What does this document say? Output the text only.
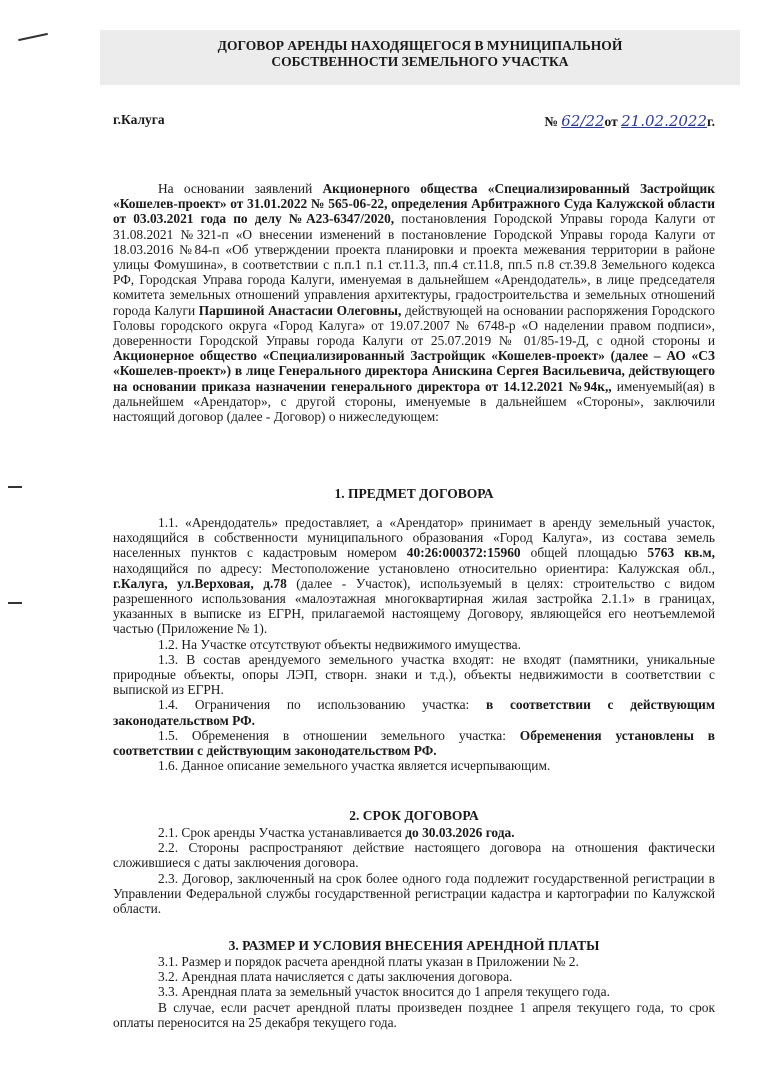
ДОГОВОР АРЕНДЫ НАХОДЯЩЕГОСЯ В МУНИЦИПАЛЬНОЙ
СОБСТВЕННОСТИ ЗЕМЕЛЬНОГО УЧАСТКА
г.Калуга	№ 62/22от 21.02.2022г.

На основании заявлений Акционерного общества «Специализированный Застройщик «Кошелев-проект» от 31.01.2022 № 565-06-22, определения Арбитражного Суда Калужской области от 03.03.2021 года по делу №А23-6347/2020, постановления Городской Управы города Калуги от 31.08.2021 №321-п «О внесении изменений в постановление Городской Управы города Калуги от 18.03.2016 №84-п «Об утверждении проекта планировки и проекта межевания территории в районе улицы Фомушина», в соответствии с п.п.1 п.1 ст.11.3, пп.4 ст.11.8, пп.5 п.8 ст.39.8 Земельного кодекса РФ, Городская Управа города Калуги, именуемая в дальнейшем «Арендодатель», в лице председателя комитета земельных отношений управления архитектуры, градостроительства и земельных отношений города Калуги Паршиной Анастасии Олеговны, действующей на основании распоряжения Городского Головы городского округа «Город Калуга» от 19.07.2007 № 6748-р «О наделении правом подписи», доверенности Городской Управы города Калуги от 25.07.2019 № 01/85-19-Д, с одной стороны и Акционерное общество «Специализированный Застройщик «Кошелев-проект» (далее – АО «СЗ «Кошелев-проект») в лице Генерального директора Анискина Сергея Васильевича, действующего на основании приказа назначении генерального директора от 14.12.2021 №94к,, именуемый(ая) в дальнейшем «Арендатор», с другой стороны, именуемые в дальнейшем «Стороны», заключили настоящий договор (далее - Договор) о нижеследующем:

1. ПРЕДМЕТ ДОГОВОРА

1.1. «Арендодатель» предоставляет, а «Арендатор» принимает в аренду земельный участок, находящийся в собственности муниципального образования «Город Калуга», из состава земель населенных пунктов с кадастровым номером 40:26:000372:15960 общей площадью 5763 кв.м, находящийся по адресу: Местоположение установлено относительно ориентира: Калужская обл., г.Калуга, ул.Верховая, д.78 (далее - Участок), используемый в целях: строительство с видом разрешенного использования «малоэтажная многоквартирная жилая застройка 2.1.1» в границах, указанных в выписке из ЕГРН, прилагаемой настоящему Договору, являющейся его неотъемлемой частью (Приложение № 1).

1.2. На Участке отсутствуют объекты недвижимого имущества.

1.3. В состав арендуемого земельного участка входят: не входят (памятники, уникальные природные объекты, опоры ЛЭП, створн. знаки и т.д.), объекты недвижимости в соответствии с выпиской из ЕГРН.

1.4. Ограничения по использованию участка: в соответствии с действующим законодательством РФ.

1.5. Обременения в отношении земельного участка: Обременения установлены в соответствии с действующим законодательством РФ.

1.6. Данное описание земельного участка является исчерпывающим.

2. СРОК ДОГОВОРА

2.1. Срок аренды Участка устанавливается до 30.03.2026 года.

2.2. Стороны распространяют действие настоящего договора на отношения фактически сложившиеся с даты заключения договора.

2.3. Договор, заключенный на срок более одного года подлежит государственной регистрации в Управлении Федеральной службы государственной регистрации кадастра и картографии по Калужской области.

3. РАЗМЕР И УСЛОВИЯ ВНЕСЕНИЯ АРЕНДНОЙ ПЛАТЫ

3.1. Размер и порядок расчета арендной платы указан в Приложении № 2.

3.2. Арендная плата начисляется с даты заключения договора.

3.3. Арендная плата за земельный участок вносится до 1 апреля текущего года.

В случае, если расчет арендной платы произведен позднее 1 апреля текущего года, то срок оплаты переносится на 25 декабря текущего года.
